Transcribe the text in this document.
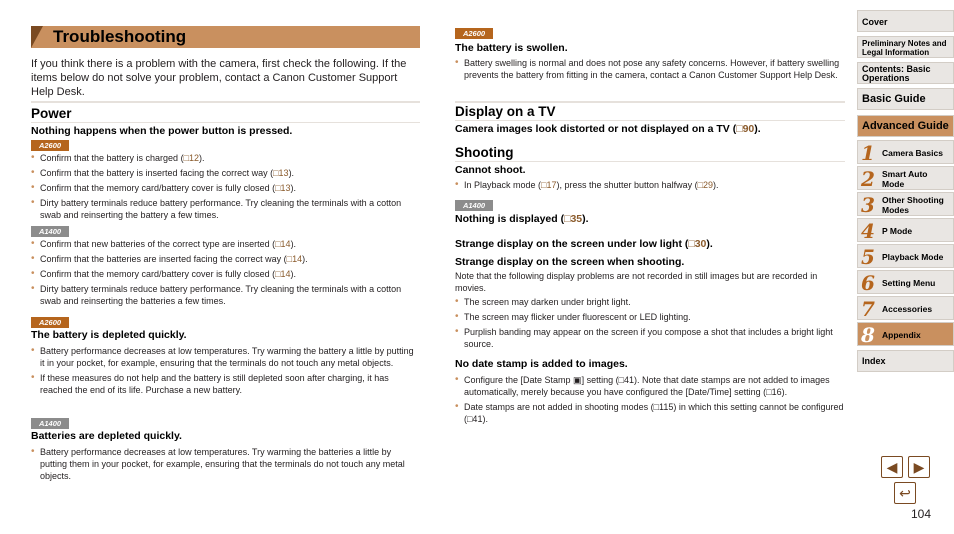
Troubleshooting
If you think there is a problem with the camera, first check the following. If the items below do not solve your problem, contact a Canon Customer Support Help Desk.
Power
Nothing happens when the power button is pressed.
A2600
• Confirm that the battery is charged (□12).
• Confirm that the battery is inserted facing the correct way (□13).
• Confirm that the memory card/battery cover is fully closed (□13).
• Dirty battery terminals reduce battery performance. Try cleaning the terminals with a cotton swab and reinserting the battery a few times.
A1400
• Confirm that new batteries of the correct type are inserted (□14).
• Confirm that the batteries are inserted facing the correct way (□14).
• Confirm that the memory card/battery cover is fully closed (□14).
• Dirty battery terminals reduce battery performance. Try cleaning the terminals with a cotton swab and reinserting the batteries a few times.
A2600
The battery is depleted quickly.
• Battery performance decreases at low temperatures. Try warming the battery a little by putting it in your pocket, for example, ensuring that the terminals do not touch any metal objects.
• If these measures do not help and the battery is still depleted soon after charging, it has reached the end of its life. Purchase a new battery.
A1400
Batteries are depleted quickly.
• Battery performance decreases at low temperatures. Try warming the batteries a little by putting them in your pocket, for example, ensuring that the terminals do not touch any metal objects.
A2600
The battery is swollen.
• Battery swelling is normal and does not pose any safety concerns. However, if battery swelling prevents the battery from fitting in the camera, contact a Canon Customer Support Help Desk.
Display on a TV
Camera images look distorted or not displayed on a TV (□90).
Shooting
Cannot shoot.
• In Playback mode (□17), press the shutter button halfway (□29).
A1400
Nothing is displayed (□35).
Strange display on the screen under low light (□30).
Strange display on the screen when shooting.
Note that the following display problems are not recorded in still images but are recorded in movies.
• The screen may darken under bright light.
• The screen may flicker under fluorescent or LED lighting.
• Purplish banding may appear on the screen if you compose a shot that includes a bright light source.
No date stamp is added to images.
• Configure the [Date Stamp ▣] setting (□41). Note that date stamps are not added to images automatically, merely because you have configured the [Date/Time] setting (□16).
• Date stamps are not added in shooting modes (□115) in which this setting cannot be configured (□41).
Cover
Preliminary Notes and Legal Information
Contents: Basic Operations
Basic Guide
Advanced Guide
1 Camera Basics
2 Smart Auto Mode
3 Other Shooting Modes
4 P Mode
5 Playback Mode
6 Setting Menu
7 Accessories
8 Appendix
Index
◀	▶
↩
104
